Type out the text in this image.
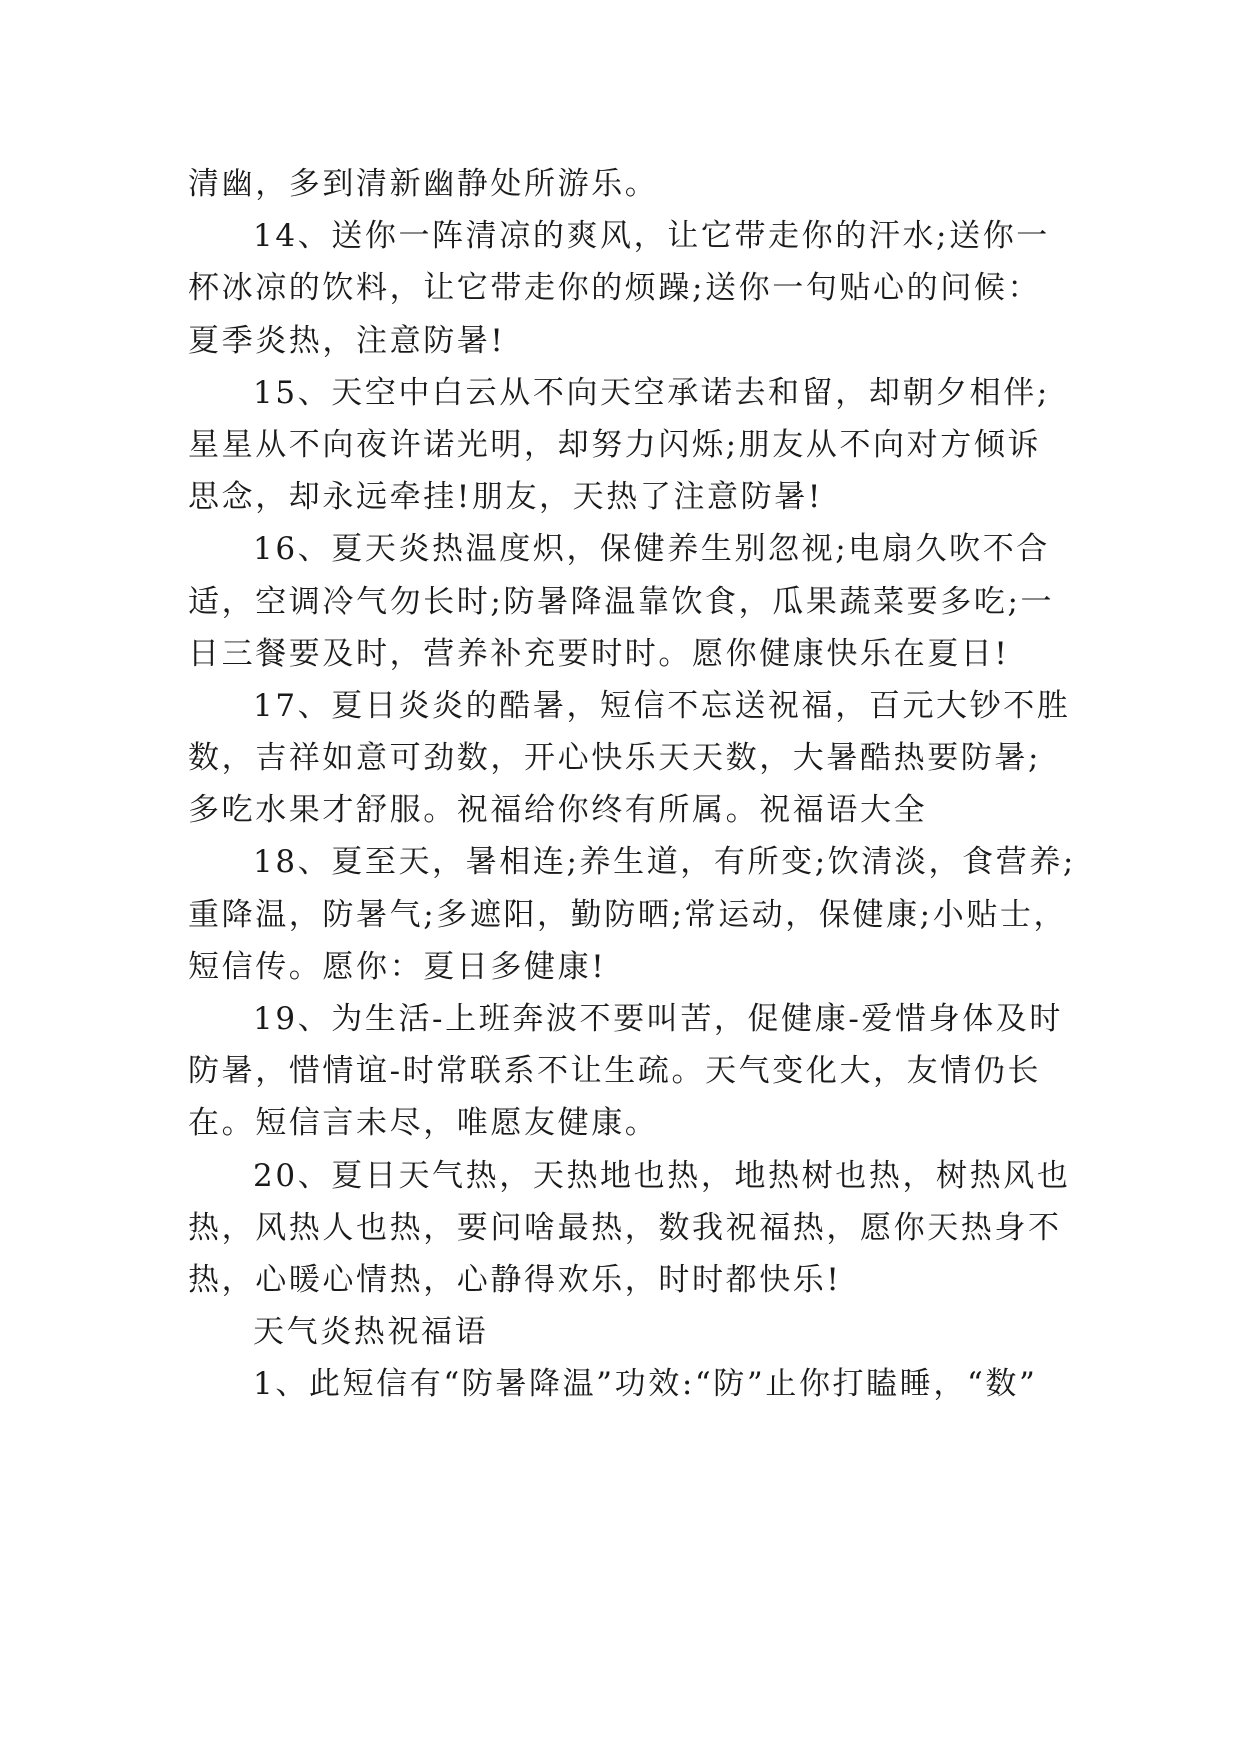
清幽，多到清新幽静处所游乐。
14、送你一阵清凉的爽风，让它带走你的汗水;送你一
杯冰凉的饮料，让它带走你的烦躁;送你一句贴心的问候：
夏季炎热，注意防暑!
15、天空中白云从不向天空承诺去和留，却朝夕相伴;
星星从不向夜许诺光明，却努力闪烁;朋友从不向对方倾诉
思念，却永远牵挂!朋友，天热了注意防暑!
16、夏天炎热温度炽，保健养生别忽视;电扇久吹不合
适，空调冷气勿长时;防暑降温靠饮食，瓜果蔬菜要多吃;一
日三餐要及时，营养补充要时时。愿你健康快乐在夏日!
17、夏日炎炎的酷暑，短信不忘送祝福，百元大钞不胜
数，吉祥如意可劲数，开心快乐天天数，大暑酷热要防暑;
多吃水果才舒服。祝福给你终有所属。祝福语大全
18、夏至天，暑相连;养生道，有所变;饮清淡，食营养;
重降温，防暑气;多遮阳，勤防晒;常运动，保健康;小贴士，
短信传。愿你：夏日多健康!
19、为生活-上班奔波不要叫苦，促健康-爱惜身体及时
防暑，惜情谊-时常联系不让生疏。天气变化大，友情仍长
在。短信言未尽，唯愿友健康。
20、夏日天气热，天热地也热，地热树也热，树热风也
热，风热人也热，要问啥最热，数我祝福热，愿你天热身不
热，心暖心情热，心静得欢乐，时时都快乐!
天气炎热祝福语
1、此短信有“防暑降温”功效:“防”止你打瞌睡，“数”
